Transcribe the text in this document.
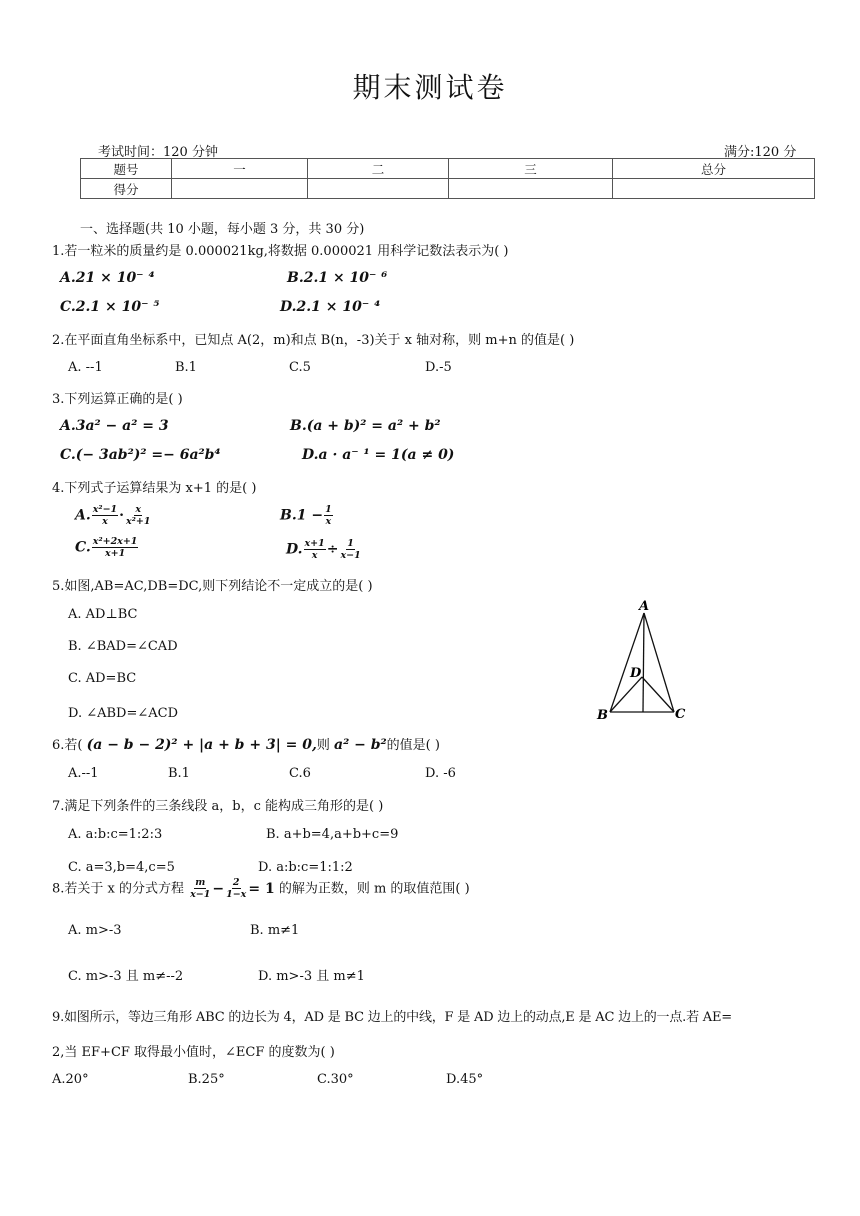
期末测试卷
考试时间：120 分钟	满分:120 分
题号	一	二	三	总分
得分				
一、选择题(共 10 小题，每小题 3 分，共 30 分)
1.若一粒米的质量约是 0.000021kg,将数据 0.000021 用科学记数法表示为( )
A.21 × 10⁻ ⁴	B.2.1 × 10⁻ ⁶
C.2.1 × 10⁻ ⁵	D.2.1 × 10⁻ ⁴
2.在平面直角坐标系中，已知点 A(2，m)和点 B(n，-3)关于 x 轴对称，则 m+n 的值是( )
A. --1	B.1	C.5	D.-5
3.下列运算正确的是( )
A.3a² − a² = 3	B.(a + b)² = a² + b²
C.(− 3ab²)² =− 6a²b⁴	D.a · a⁻ ¹ = 1(a ≠ 0)
4.下列式子运算结果为 x+1 的是( )
A. $\frac{\text{x²−1}}{x} \cdot \frac{x}{\text{x²+1}}$	$B.1 - \frac{1}{x}$
C. $\frac{\text{x²+2x+1}}{x+1}$	D. $\frac{x+1}{x} \div \frac{1}{x-1}$
5.如图,AB=AC,DB=DC,则下列结论不一定成立的是( )
A. AD⊥BC
B. ∠BAD=∠CAD
C. AD=BC
D. ∠ABD=∠ACD
A
B	C
D
6.若( (a − b − 2)² + |a + b + 3| = 0,则 a² − b²的值是( )
A.--1	B.1	C.6	D. -6
7.满足下列条件的三条线段 a，b，c 能构成三角形的是( )
A. a:b:c=1:2:3	B. a+b=4,a+b+c=9
C. a=3,b=4,c=5	D. a:b:c=1:1:2
8.若关于 x 的分式方程 $\frac{m}{x-1} - \frac{2}{1-x} = 1$ 的解为正数，则 m 的取值范围( )
A. m>-3	B. m≠1
C. m>-3 且 m≠--2	D. m>-3 且 m≠1
9.如图所示，等边三角形 ABC 的边长为 4，AD 是 BC 边上的中线，F 是 AD 边上的动点,E 是 AC 边上的一点.若 AE=
2,当 EF+CF 取得最小值时，∠ECF 的度数为( )
A.20°	B.25°	C.30°	D.45°
